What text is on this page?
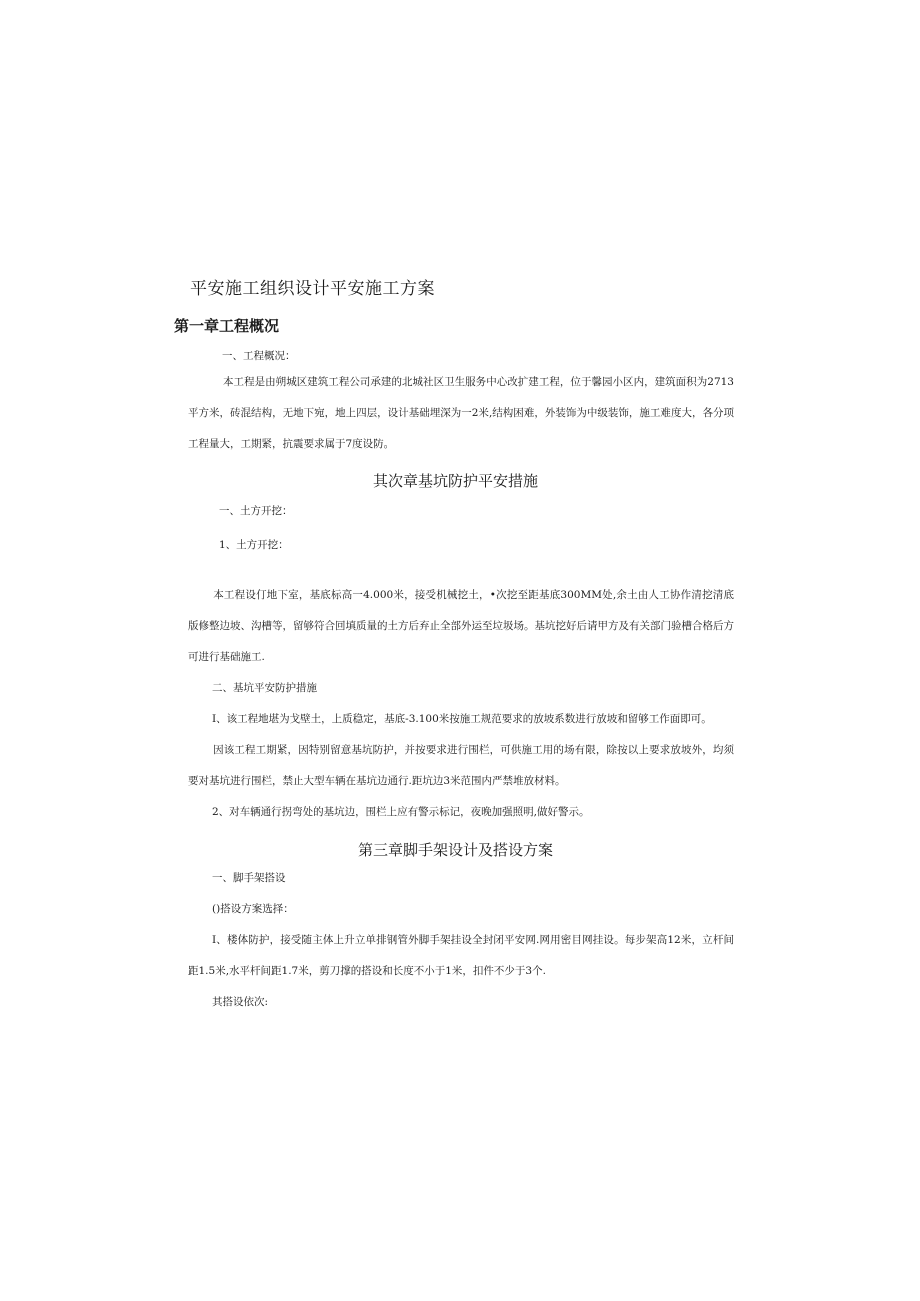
平安施工组织设计平安施工方案
第一章工程概况
一、工程概况：
本工程是由朔城区建筑工程公司承建的北城社区卫生服务中心改扩建工程，位于馨园小区内，建筑面积为2713平方米，砖混结构，无地下宛，地上四层，设计基础埋深为一2米,结构困难，外装饰为中级装饰，施工难度大，各分项工程量大，工期紧，抗震要求属于7度设防。
其次章基坑防护平安措施
一、土方开挖：
1、土方开挖：
本工程设仃地下室，基底标高一4.000米，接受机械挖土，•次挖至距基底300MM处,余土由人工协作清挖清底版修整边坡、沟槽等，留够符合回填质量的土方后弃止全部外运至垃圾场。基坑挖好后请甲方及有关部门验槽合格后方可进行基础施工.
二、基坑平安防护措施
I、该工程地堪为戈壁土，上质稳定，基底-3.100米按施工规范要求的放坡系数进行放坡和留够工作面即可。
因该工程工期紧，因特别留意基坑防护，并按要求进行围栏，可供施工用的场有限，除按以上要求放坡外，均须要对基坑进行围栏，禁止大型车辆在基坑边通行.距坑边3米范围内严禁堆放材料。
2、对车辆通行拐弯处的基坑边，围栏上应有警示标记，夜晚加强照明,做好警示。
第三章脚手架设计及搭设方案
一、脚手架搭设
()搭设方案选择：
I、楼体防护，接受随主体上升立单排钢管外脚手架挂设全封闭平安网.网用密目网挂设。每步架高12米，立杆间距1.5米,水平杆间距1.7米，剪刀撑的搭设和长度不小于1米，扣件不少于3个.
其搭设依次:
